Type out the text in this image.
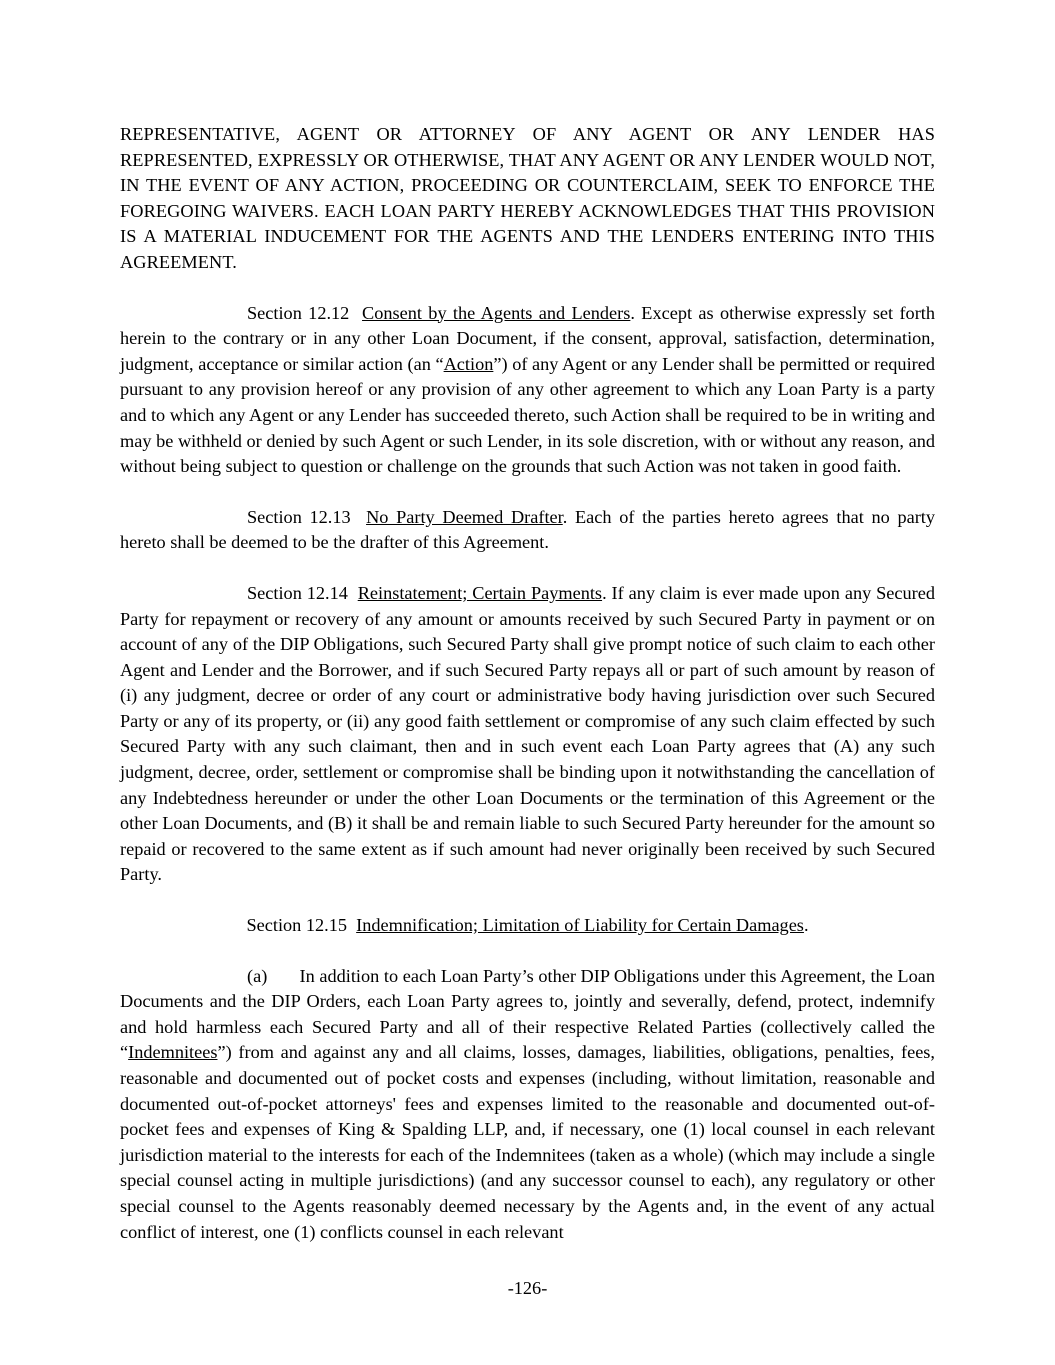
REPRESENTATIVE, AGENT OR ATTORNEY OF ANY AGENT OR ANY LENDER HAS REPRESENTED, EXPRESSLY OR OTHERWISE, THAT ANY AGENT OR ANY LENDER WOULD NOT, IN THE EVENT OF ANY ACTION, PROCEEDING OR COUNTERCLAIM, SEEK TO ENFORCE THE FOREGOING WAIVERS. EACH LOAN PARTY HEREBY ACKNOWLEDGES THAT THIS PROVISION IS A MATERIAL INDUCEMENT FOR THE AGENTS AND THE LENDERS ENTERING INTO THIS AGREEMENT.

Section 12.12 Consent by the Agents and Lenders. Except as otherwise expressly set forth herein to the contrary or in any other Loan Document, if the consent, approval, satisfaction, determination, judgment, acceptance or similar action (an “Action”) of any Agent or any Lender shall be permitted or required pursuant to any provision hereof or any provision of any other agreement to which any Loan Party is a party and to which any Agent or any Lender has succeeded thereto, such Action shall be required to be in writing and may be withheld or denied by such Agent or such Lender, in its sole discretion, with or without any reason, and without being subject to question or challenge on the grounds that such Action was not taken in good faith.

Section 12.13 No Party Deemed Drafter. Each of the parties hereto agrees that no party hereto shall be deemed to be the drafter of this Agreement.

Section 12.14 Reinstatement; Certain Payments. If any claim is ever made upon any Secured Party for repayment or recovery of any amount or amounts received by such Secured Party in payment or on account of any of the DIP Obligations, such Secured Party shall give prompt notice of such claim to each other Agent and Lender and the Borrower, and if such Secured Party repays all or part of such amount by reason of (i) any judgment, decree or order of any court or administrative body having jurisdiction over such Secured Party or any of its property, or (ii) any good faith settlement or compromise of any such claim effected by such Secured Party with any such claimant, then and in such event each Loan Party agrees that (A) any such judgment, decree, order, settlement or compromise shall be binding upon it notwithstanding the cancellation of any Indebtedness hereunder or under the other Loan Documents or the termination of this Agreement or the other Loan Documents, and (B) it shall be and remain liable to such Secured Party hereunder for the amount so repaid or recovered to the same extent as if such amount had never originally been received by such Secured Party.

Section 12.15 Indemnification; Limitation of Liability for Certain Damages.

(a) In addition to each Loan Party’s other DIP Obligations under this Agreement, the Loan Documents and the DIP Orders, each Loan Party agrees to, jointly and severally, defend, protect, indemnify and hold harmless each Secured Party and all of their respective Related Parties (collectively called the “Indemnitees”) from and against any and all claims, losses, damages, liabilities, obligations, penalties, fees, reasonable and documented out of pocket costs and expenses (including, without limitation, reasonable and documented out-of-pocket attorneys' fees and expenses limited to the reasonable and documented out-of-pocket fees and expenses of King & Spalding LLP, and, if necessary, one (1) local counsel in each relevant jurisdiction material to the interests for each of the Indemnitees (taken as a whole) (which may include a single special counsel acting in multiple jurisdictions) (and any successor counsel to each), any regulatory or other special counsel to the Agents reasonably deemed necessary by the Agents and, in the event of any actual conflict of interest, one (1) conflicts counsel in each relevant

-126-
